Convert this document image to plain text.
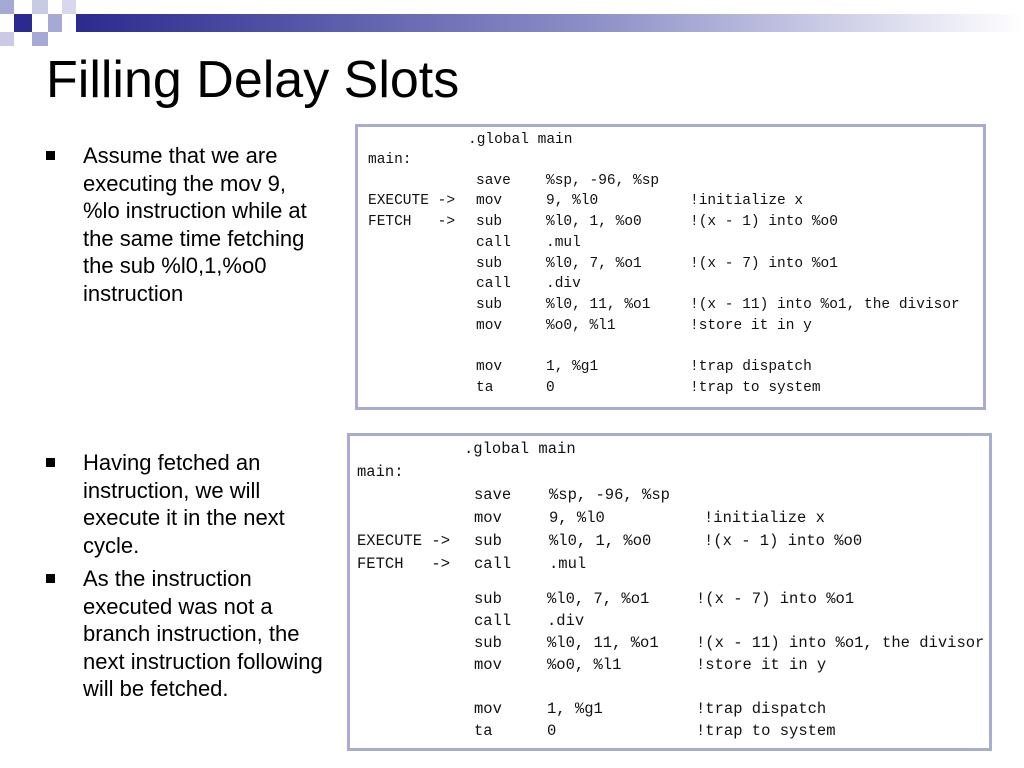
Filling Delay Slots
Assume that we are executing the mov 9, %lo instruction while at the same time fetching the sub %l0,1,%o0 instruction
Having fetched an instruction, we will execute it in the next cycle.
As the instruction executed was not a branch instruction, the next instruction following will be fetched.
.global main
main:
save %sp, -96, %sp
EXECUTE -> mov	9, %l0	!initialize x
FETCH   -> sub	%l0, 1, %o0	!(x - 1) into %o0
call .mul
sub	%l0, 7, %o1	!(x - 7) into %o1
call .div
sub	%l0, 11, %o1	!(x - 11) into %o1, the divisor
mov	%o0, %l1	!store it in y
mov	1, %g1	!trap dispatch
ta	0	!trap to system
.global main
main:
save %sp, -96, %sp
mov	9, %l0	!initialize x
EXECUTE -> sub	%l0, 1, %o0	!(x - 1) into %o0
FETCH   -> call .mul
sub	%l0, 7, %o1	!(x - 7) into %o1
call .div
sub	%l0, 11, %o1 !(x - 11) into %o1, the divisor
mov	%o0, %l1	!store it in y
mov	1, %g1	!trap dispatch
ta	0	!trap to system
